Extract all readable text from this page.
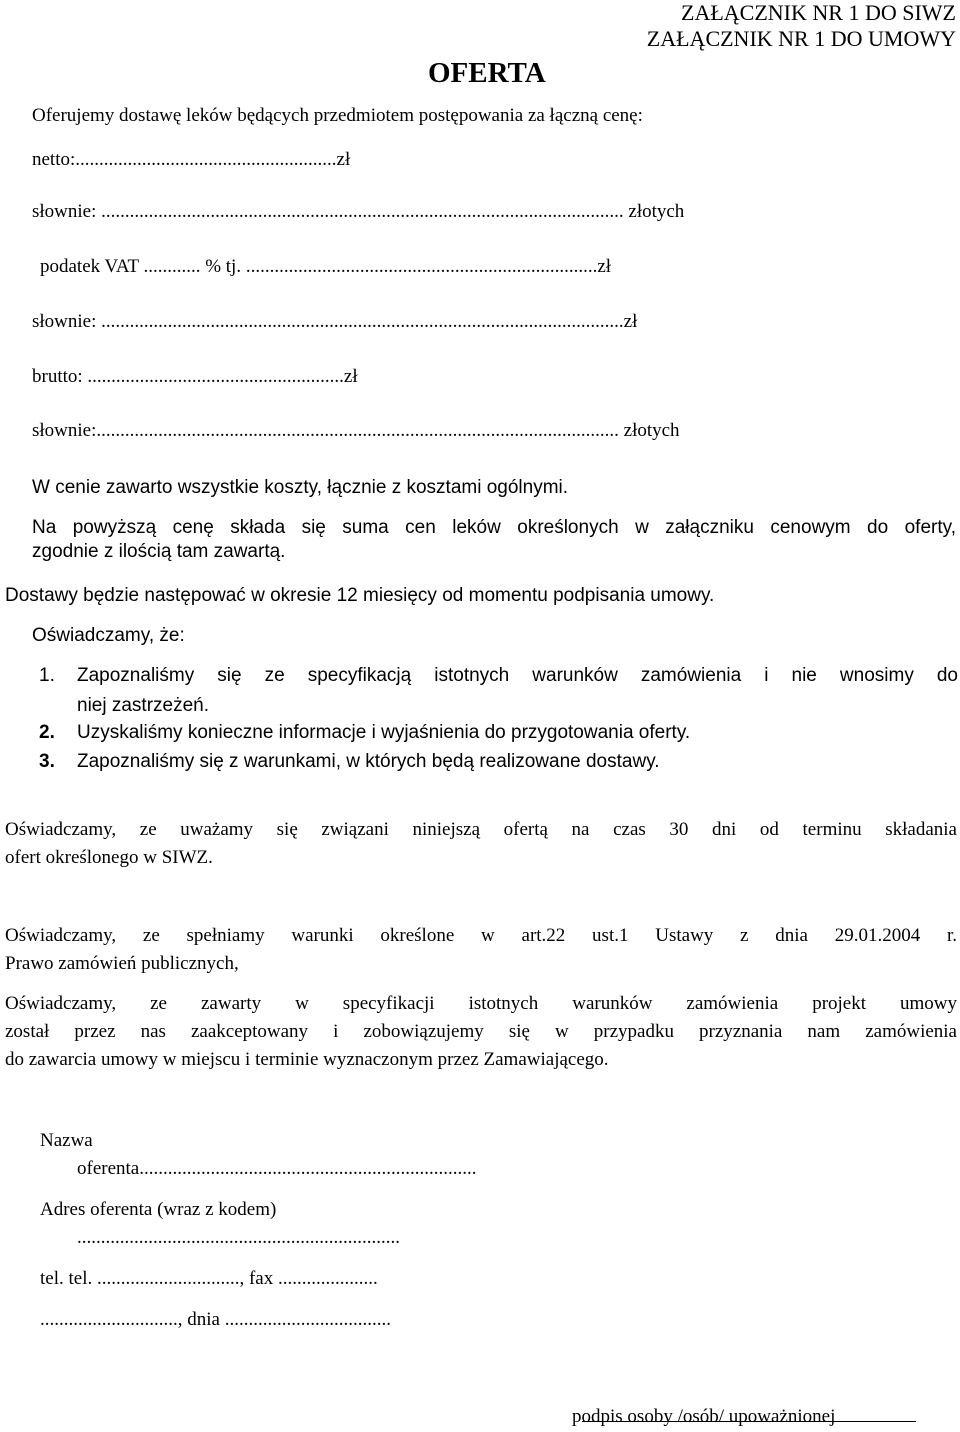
ZAŁĄCZNIK NR 1 DO SIWZ
ZAŁĄCZNIK NR 1 DO UMOWY
OFERTA
Oferujemy dostawę leków będących przedmiotem postępowania za łączną cenę:
netto:.......................................................zł
słownie: .............................................................................................................. złotych
podatek VAT ............ % tj. ..........................................................................zł
słownie: ..............................................................................................................zł
brutto: ......................................................zł
słownie:.............................................................................................................. złotych
W cenie zawarto wszystkie koszty, łącznie z kosztami ogólnymi.
Na powyższą cenę składa się suma cen leków określonych w załączniku cenowym do oferty,
zgodnie z ilością tam zawartą.
Dostawy będzie następować w okresie 12 miesięcy od momentu podpisania umowy.
Oświadczamy, że:
1. Zapoznaliśmy się ze specyfikacją istotnych warunków zamówienia i nie wnosimy do
niej zastrzeżeń.
2. Uzyskaliśmy konieczne informacje i wyjaśnienia do przygotowania oferty.
3. Zapoznaliśmy się z warunkami, w których będą realizowane dostawy.
Oświadczamy, ze uważamy się związani niniejszą ofertą na czas 30 dni od terminu składania
ofert określonego w SIWZ.
Oświadczamy, ze spełniamy warunki określone w art.22 ust.1 Ustawy z dnia 29.01.2004 r.
Prawo zamówień publicznych,
Oświadczamy, ze zawarty w specyfikacji istotnych warunków zamówienia projekt umowy
został przez nas zaakceptowany i zobowiązujemy się w przypadku przyznania nam zamówienia
do zawarcia umowy w miejscu i terminie wyznaczonym przez Zamawiającego.
Nazwa
oferenta.......................................................................
Adres oferenta (wraz z kodem)
....................................................................
tel. tel. .............................., fax .....................
............................., dnia ...................................
podpis osoby /osób/ upoważnionej
